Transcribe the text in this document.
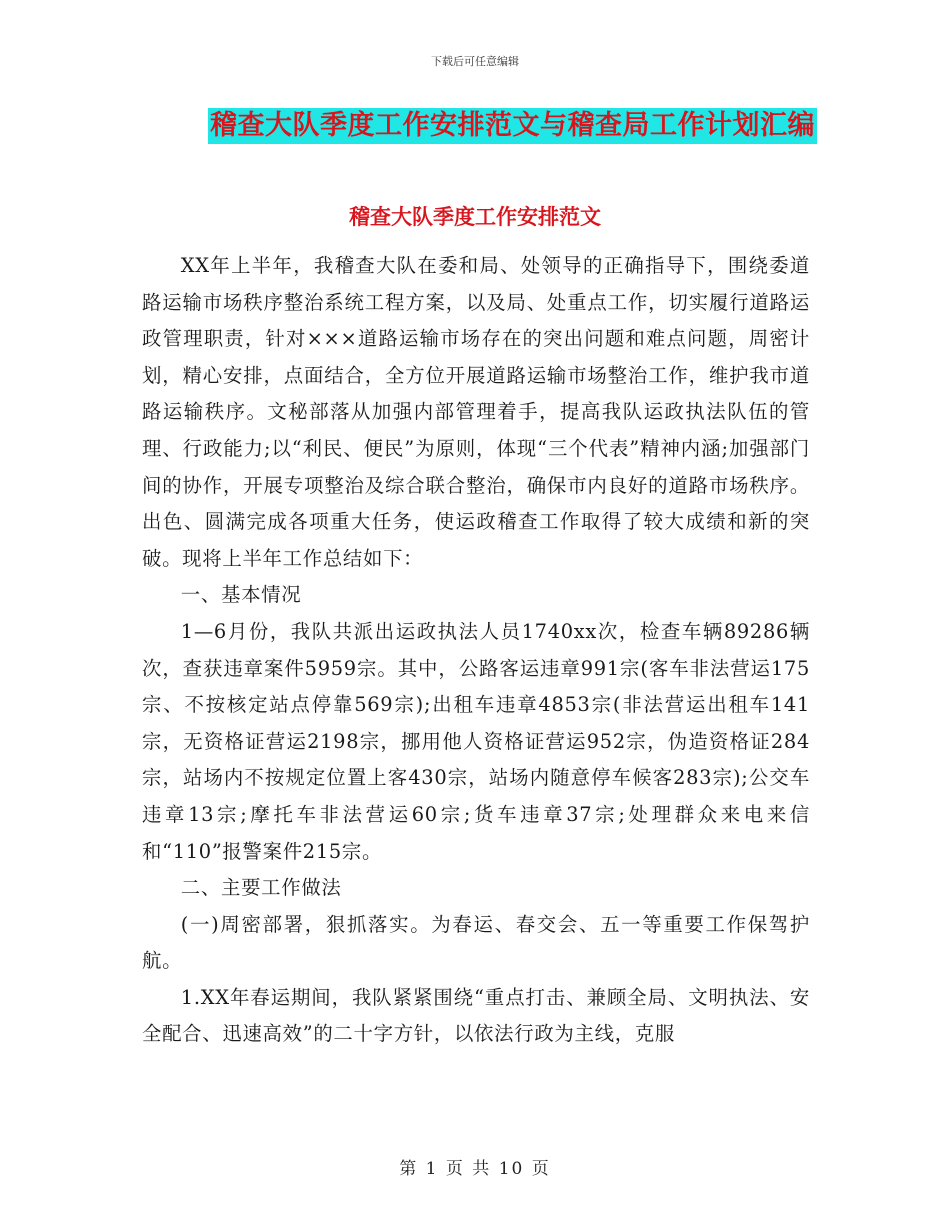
下载后可任意编辑
稽查大队季度工作安排范文与稽查局工作计划汇编
稽查大队季度工作安排范文

XX年上半年，我稽查大队在委和局、处领导的正确指导下，围绕委道路运输市场秩序整治系统工程方案，以及局、处重点工作，切实履行道路运政管理职责，针对×××道路运输市场存在的突出问题和难点问题，周密计划，精心安排，点面结合，全方位开展道路运输市场整治工作，维护我市道路运输秩序。文秘部落从加强内部管理着手，提高我队运政执法队伍的管理、行政能力;以“利民、便民”为原则，体现“三个代表”精神内涵;加强部门间的协作，开展专项整治及综合联合整治，确保市内良好的道路市场秩序。出色、圆满完成各项重大任务，使运政稽查工作取得了较大成绩和新的突破。现将上半年工作总结如下：

一、基本情况

1—6月份，我队共派出运政执法人员1740xx次，检查车辆89286辆次，查获违章案件5959宗。其中，公路客运违章991宗(客车非法营运175宗、不按核定站点停靠569宗);出租车违章4853宗(非法营运出租车141宗，无资格证营运2198宗，挪用他人资格证营运952宗，伪造资格证284宗，站场内不按规定位置上客430宗，站场内随意停车候客283宗);公交车违章13宗;摩托车非法营运60宗;货车违章37宗;处理群众来电来信和“110”报警案件215宗。

二、主要工作做法

(一)周密部署，狠抓落实。为春运、春交会、五一等重要工作保驾护航。

1.XX年春运期间，我队紧紧围绕“重点打击、兼顾全局、文明执法、安全配合、迅速高效”的二十字方针，以依法行政为主线，克服

第 1 页 共 10 页
